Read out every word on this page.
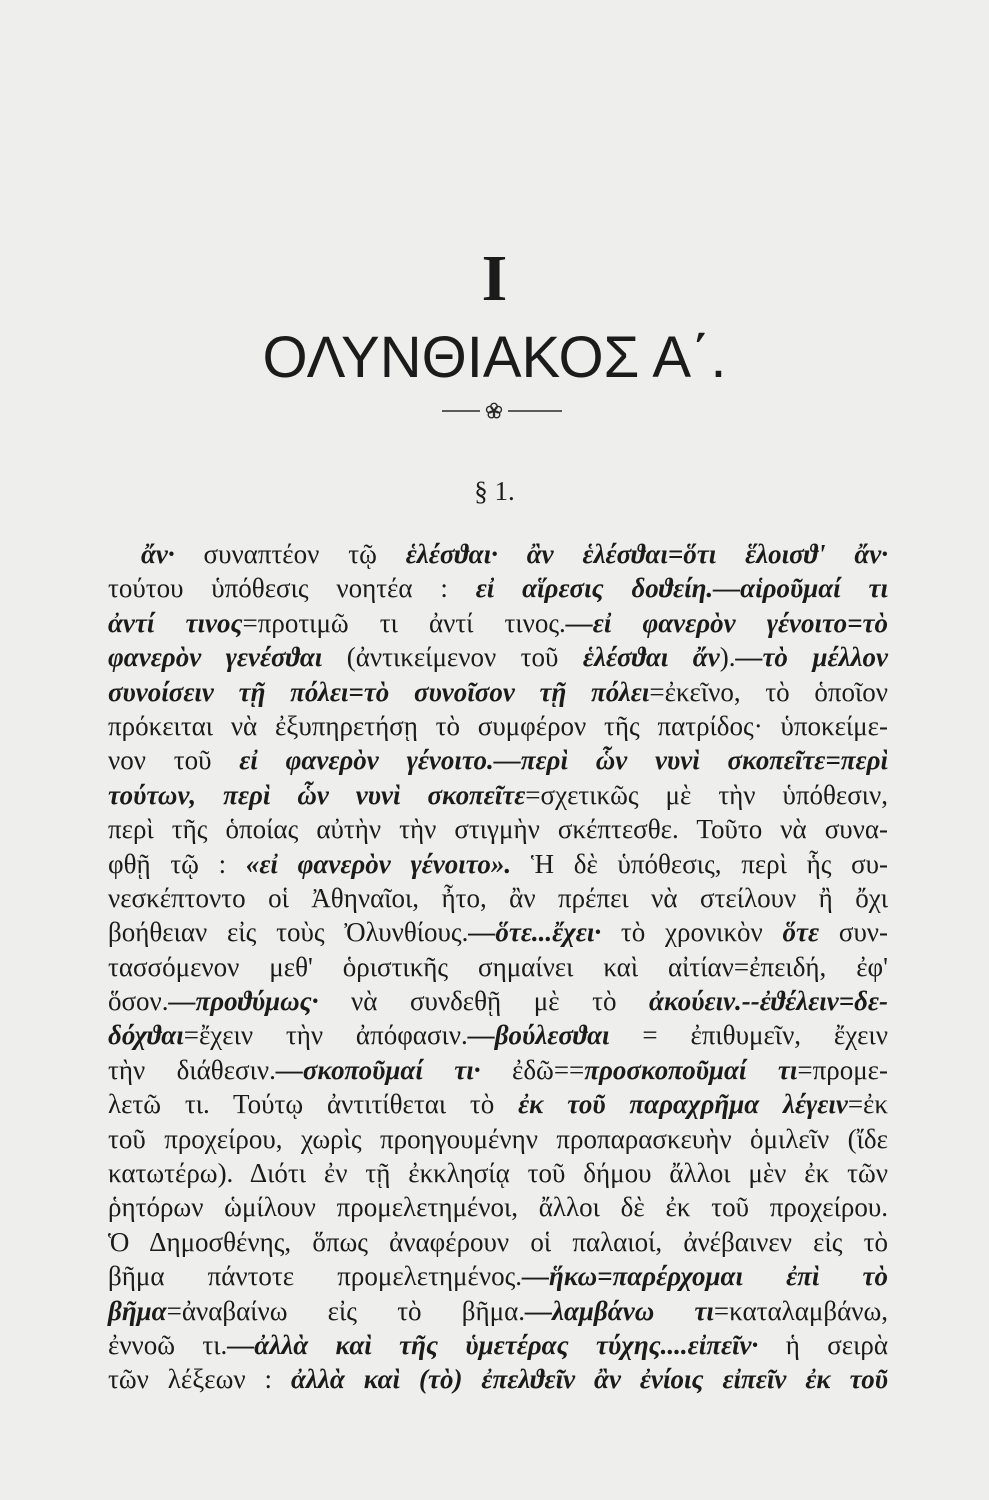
I
ΟΛΥΝΘΙΑΚΟΣ Α΄.
§ 1.
ἄν· συναπτέον τῷ ἑλέσϑαι· ἂν ἑλέσϑαι=ὅτι ἕλοισϑ' ἄν·
τούτου ὑπόθεσις νοητέα : εἰ αἵρεσις δοϑείη.—αἱροῦμαί τι
ἀντί τινος=προτιμῶ τι ἀντί τινος.—εἰ φανερὸν γένοιτο=τὸ
φανερὸν γενέσϑαι (ἀντικείμενον τοῦ ἑλέσϑαι ἄν).—τὸ μέλλον
συνοίσειν τῇ πόλει=τὸ συνοῖσον τῇ πόλει=ἐκεῖνο, τὸ ὁποῖον
πρόκειται νὰ ἐξυπηρετήσῃ τὸ συμφέρον τῆς πατρίδος· ὑποκείμε-
νον τοῦ εἰ φανερὸν γένοιτο.—περὶ ὧν νυνὶ σκοπεῖτε=περὶ
τούτων, περὶ ὧν νυνὶ σκοπεῖτε=σχετικῶς μὲ τὴν ὑπόθεσιν,
περὶ τῆς ὁποίας αὐτὴν τὴν στιγμὴν σκέπτεσθε. Τοῦτο νὰ συνα-
φθῇ τῷ : «εἰ φανερὸν γένοιτο». Ἡ δὲ ὑπόθεσις, περὶ ἧς συ-
νεσκέπτοντο οἱ Ἀθηναῖοι, ἦτο, ἂν πρέπει νὰ στείλουν ἢ ὄχι
βοήθειαν εἰς τοὺς Ὀλυνθίους.—ὅτε...ἔχει· τὸ χρονικὸν ὅτε συν-
τασσόμενον μεθ' ὁριστικῆς σημαίνει καὶ αἰτίαν=ἐπειδή, ἐφ'
ὅσον.—προϑύμως· νὰ συνδεθῇ μὲ τὸ ἀκούειν.--ἐϑέλειν=δε-
δόχϑαι=ἔχειν τὴν ἀπόφασιν.—βούλεσϑαι = ἐπιθυμεῖν, ἔχειν
τὴν διάθεσιν.—σκοποῦμαί τι· ἐδῶ==προσκοποῦμαί τι=προμε-
λετῶ τι. Τούτῳ ἀντιτίθεται τὸ ἐκ τοῦ παραχρῆμα λέγειν=ἐκ
τοῦ προχείρου, χωρὶς προηγουμένην προπαρασκευὴν ὁμιλεῖν (ἴδε
κατωτέρω). Διότι ἐν τῇ ἐκκλησίᾳ τοῦ δήμου ἄλλοι μὲν ἐκ τῶν
ῥητόρων ὡμίλουν προμελετημένοι, ἄλλοι δὲ ἐκ τοῦ προχείρου.
Ὁ Δημοσθένης, ὅπως ἀναφέρουν οἱ παλαιοί, ἀνέβαινεν εἰς τὸ
βῆμα πάντοτε προμελετημένος.—ἥκω=παρέρχομαι ἐπὶ τὸ
βῆμα=ἀναβαίνω εἰς τὸ βῆμα.—λαμβάνω τι=καταλαμβάνω,
ἐννοῶ τι.—ἀλλὰ καὶ τῆς ὑμετέρας τύχης....εἰπεῖν· ἡ σειρὰ
τῶν λέξεων : ἀλλὰ καὶ (τὸ) ἐπελϑεῖν ἂν ἐνίοις εἰπεῖν ἐκ τοῦ
